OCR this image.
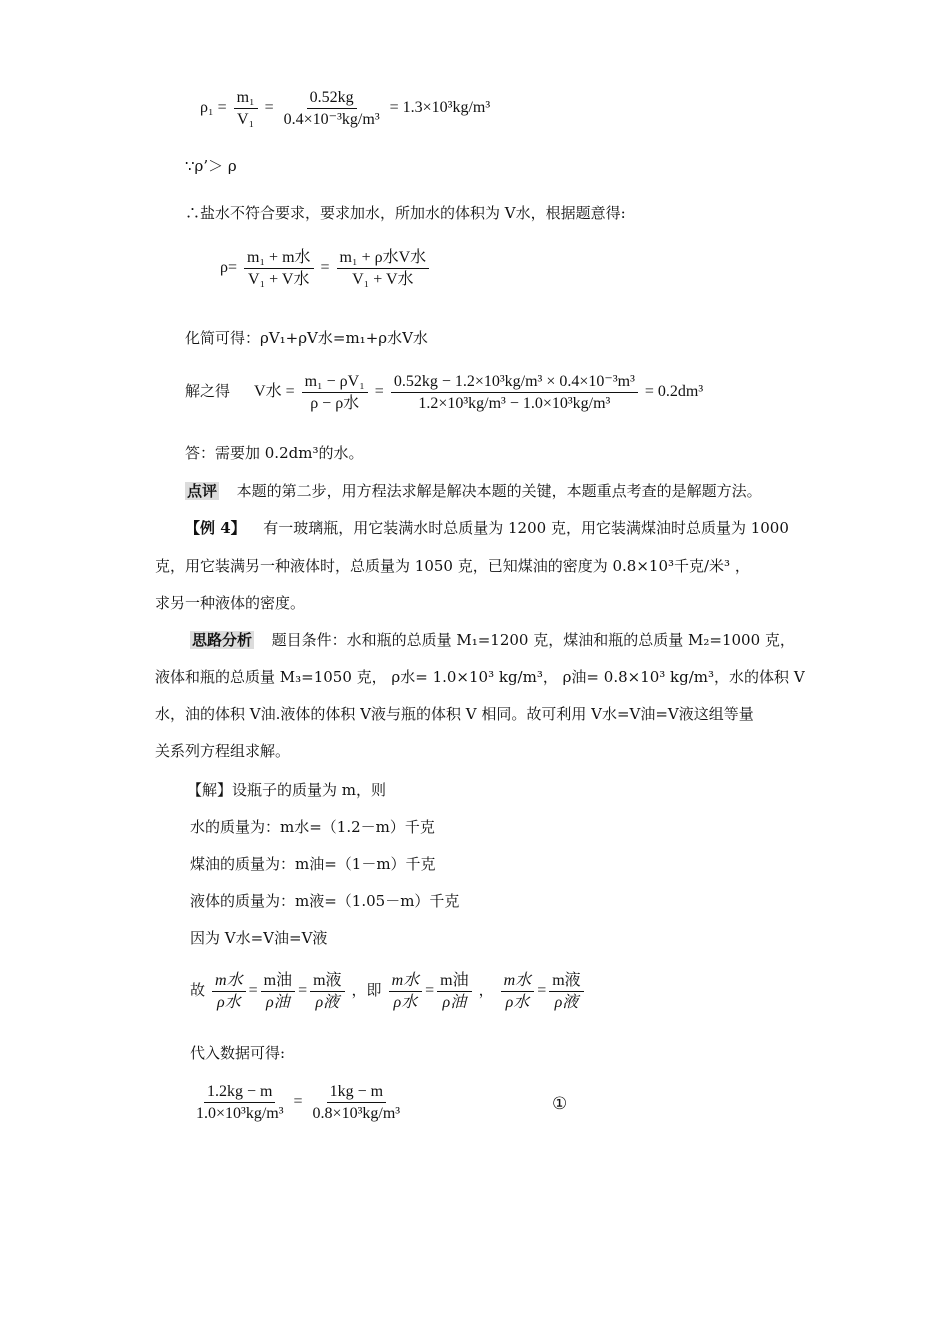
$\rho_1 = \frac{\text{m₁}}{\text{V₁}} = \frac{0.52kg}{\text{0.4×10⁻³kg/m³}} = 1.3\times 10^3kg/m^3$
∵ρ’＞ ρ
∴盐水不符合要求，要求加水，所加水的体积为 V水，根据题意得:
$\rho= \frac{\text{m₁ + m水}}{\text{V₁ + V水}} = \frac{\text{m₁ + ρ水V水}}{\text{V₁ + V水}}$
化简可得：ρV₁+ρV水=m₁+ρ水V水
解之得 V水 = $\frac{\text{m₁ − ρV₁}}{\text{ρ − ρ水}} = \frac{\text{0.52kg − 1.2×10³kg/m³ × 0.4×10⁻³m³}}{\text{1.2×10³kg/m³ − 1.0×10³kg/m³}} = 0.2dm^3$
答：需要加 0.2dm³的水。
点评 本题的第二步，用方程法求解是解决本题的关键，本题重点考查的是解题方法。
【例 4】 有一玻璃瓶，用它装满水时总质量为 1200 克，用它装满煤油时总质量为 1000
克，用它装满另一种液体时，总质量为 1050 克，已知煤油的密度为 0.8×10³千克/米³ ，
求另一种液体的密度。
思路分析 题目条件：水和瓶的总质量 M₁=1200 克，煤油和瓶的总质量 M₂=1000 克，
液体和瓶的总质量 M₃=1050 克， ρ水= 1.0×10³ kg/m³， ρ油= 0.8×10³ kg/m³，水的体积 V
水，油的体积 V油.液体的体积 V液与瓶的体积 V 相同。故可利用 V水=V油=V液这组等量
关系列方程组求解。
【解】设瓶子的质量为 m，则
水的质量为：m水=（1.2－m）千克
煤油的质量为：m油=（1－m）千克
液体的质量为：m液=（1.05－m）千克
因为 V水=V油=V液
故 $\frac{\text{m水}}{\text{ρ水}} = \frac{\text{m油}}{\text{ρ油}} = \frac{\text{m液}}{\text{ρ液}}$ ，即 $\frac{\text{m水}}{\text{ρ水}} = \frac{\text{m油}}{\text{ρ油}}$ ， $\frac{\text{m水}}{\text{ρ水}} = \frac{\text{m液}}{\text{ρ液}}$
代入数据可得:
$\frac{1.2kg - m}{\text{1.0×10³kg/m³}} = \frac{1kg - m}{\text{0.8×10³kg/m³}}$	①
